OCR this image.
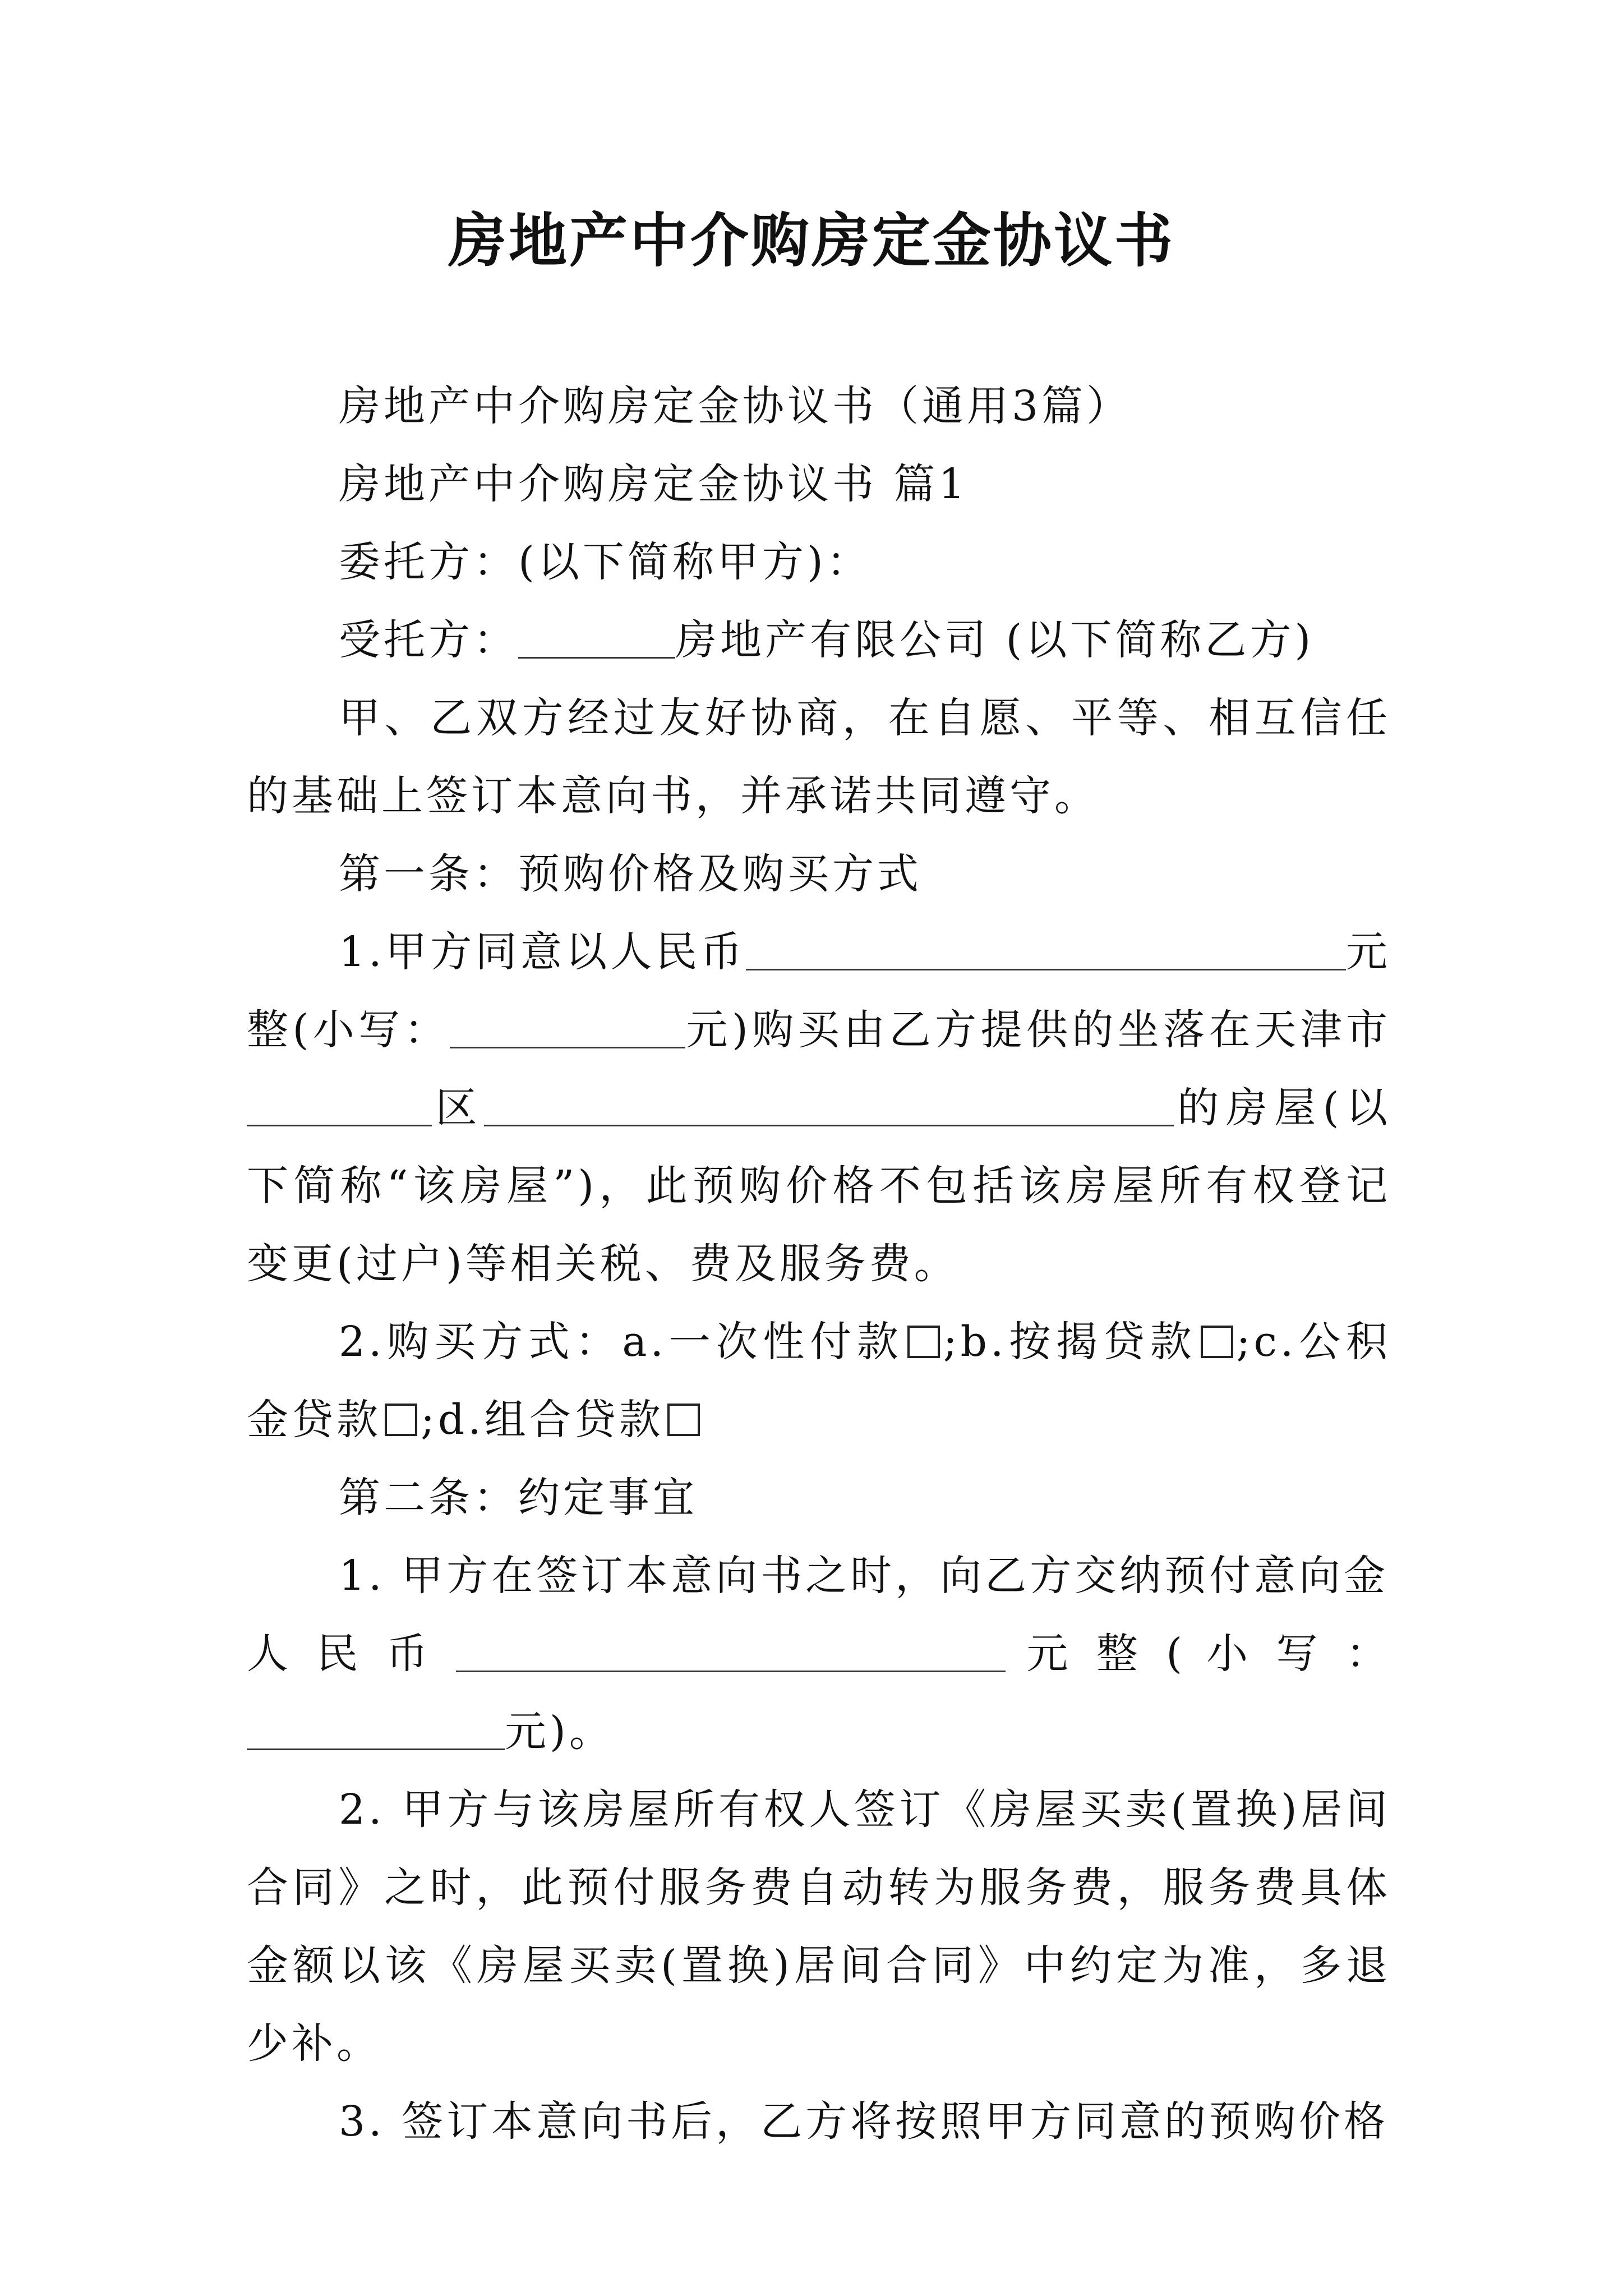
房地产中介购房定金协议书

房地产中介购房定金协议书（通用3篇）

房地产中介购房定金协议书 篇1

委托方：(以下简称甲方)：

受托方：	房地产有限公司 (以下简称乙方)

甲、乙双方经过友好协商，在自愿、平等、相互信任的基础上签订本意向书，并承诺共同遵守。

第一条：预购价格及购买方式

1.甲方同意以人民币	元整(小写：	元)购买由乙方提供的坐落在天津市区	的房屋(以下简称“该房屋”)，此预购价格不包括该房屋所有权登记变更(过户)等相关税、费及服务费。

2.购买方式：a.一次性付款 ;b.按揭贷款 ;c.公积金贷款 ;d.组合贷款

第二条：约定事宜

1. 甲方在签订本意向书之时，向乙方交纳预付意向金

人 民 币	元 整 ( 小 写 ：

元)。

2. 甲方与该房屋所有权人签订《房屋买卖(置换)居间合同》之时，此预付服务费自动转为服务费，服务费具体金额以该《房屋买卖(置换)居间合同》中约定为准，多退少补。

3. 签订本意向书后，乙方将按照甲方同意的预购价格
